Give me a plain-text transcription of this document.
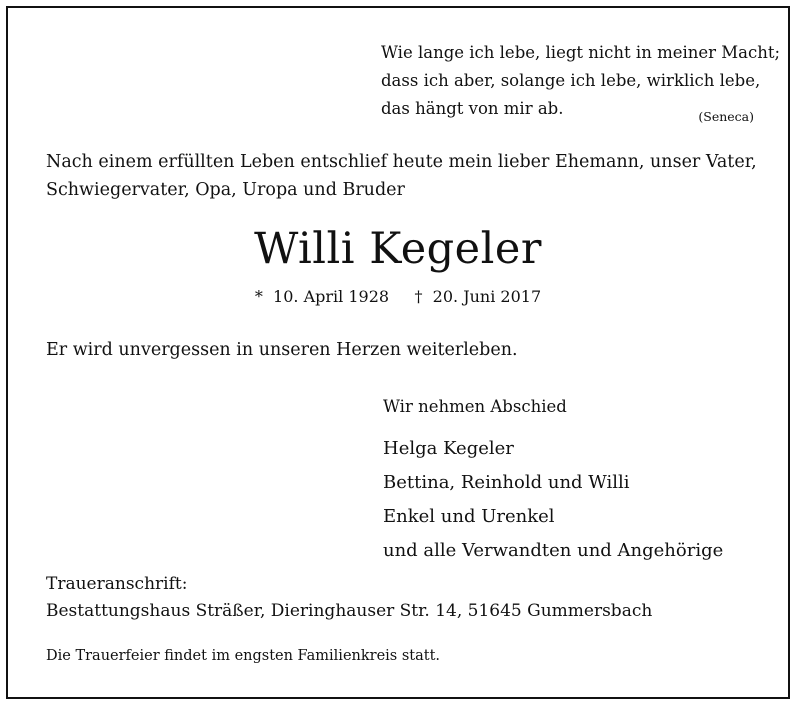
Wie lange ich lebe, liegt nicht in meiner Macht;
dass ich aber, solange ich lebe, wirklich lebe,
das hängt von mir ab.	(Seneca)
Nach einem erfüllten Leben entschlief heute mein lieber Ehemann, unser Vater,
Schwiegervater, Opa, Uropa und Bruder
Willi Kegeler
* 10. April 1928 † 20. Juni 2017
Er wird unvergessen in unseren Herzen weiterleben.
Wir nehmen Abschied
Helga Kegeler
Bettina, Reinhold und Willi
Enkel und Urenkel
und alle Verwandten und Angehörige
Traueranschrift:
Bestattungshaus Sträßer, Dieringhauser Str. 14, 51645 Gummersbach
Die Trauerfeier findet im engsten Familienkreis statt.
